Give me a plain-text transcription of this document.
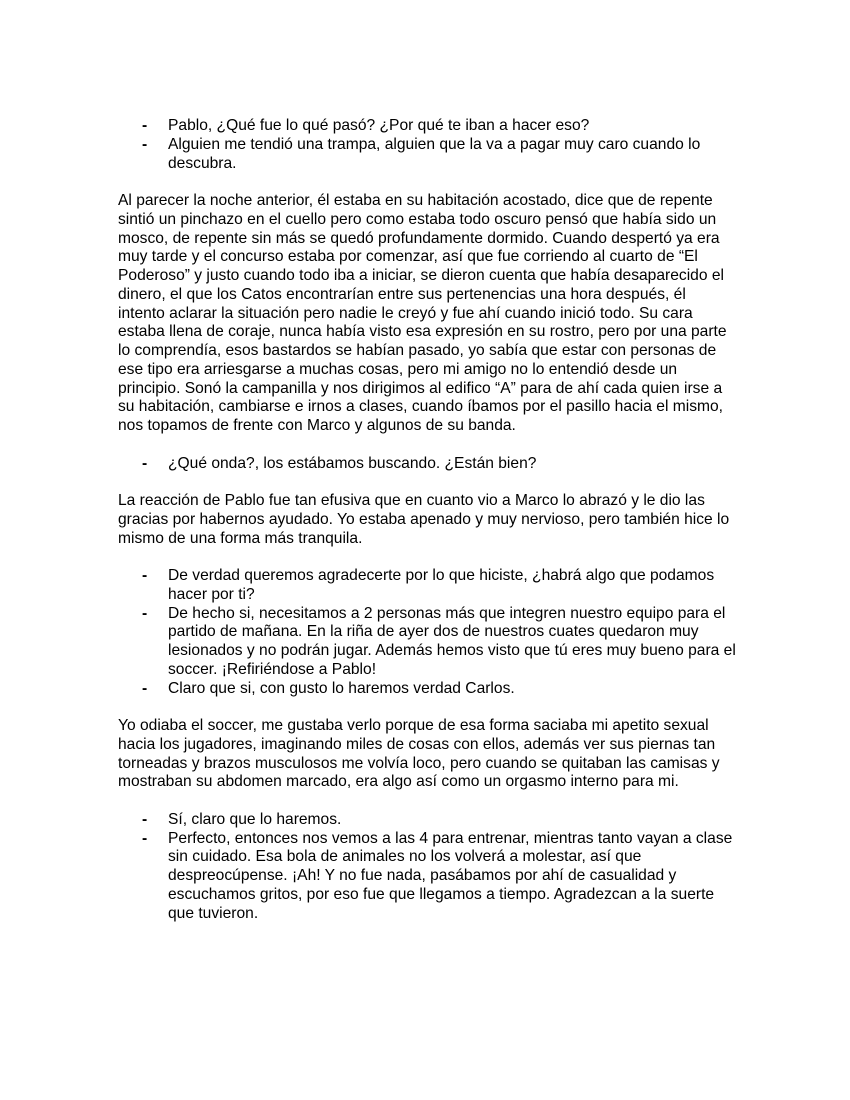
- Pablo, ¿Qué fue lo qué pasó? ¿Por qué te iban a hacer eso?
- Alguien me tendió una trampa, alguien que la va a pagar muy caro cuando lo descubra.

Al parecer la noche anterior, él estaba en su habitación acostado, dice que de repente sintió un pinchazo en el cuello pero como estaba todo oscuro pensó que había sido un mosco, de repente sin más se quedó profundamente dormido. Cuando despertó ya era muy tarde y el concurso estaba por comenzar, así que fue corriendo al cuarto de “El Poderoso” y justo cuando todo iba a iniciar, se dieron cuenta que había desaparecido el dinero, el que los Catos encontrarían entre sus pertenencias una hora después, él intento aclarar la situación pero nadie le creyó y fue ahí cuando inició todo. Su cara estaba llena de coraje, nunca había visto esa expresión en su rostro, pero por una parte lo comprendía, esos bastardos se habían pasado, yo sabía que estar con personas de ese tipo era arriesgarse a muchas cosas, pero mi amigo no lo entendió desde un principio. Sonó la campanilla y nos dirigimos al edifico “A” para de ahí cada quien irse a su habitación, cambiarse e irnos a clases, cuando íbamos por el pasillo hacia el mismo, nos topamos de frente con Marco y algunos de su banda.

- ¿Qué onda?, los estábamos buscando. ¿Están bien?

La reacción de Pablo fue tan efusiva que en cuanto vio a Marco lo abrazó y le dio las gracias por habernos ayudado. Yo estaba apenado y muy nervioso, pero también hice lo mismo de una forma más tranquila.

- De verdad queremos agradecerte por lo que hiciste, ¿habrá algo que podamos hacer por ti?
- De hecho si, necesitamos a 2 personas más que integren nuestro equipo para el partido de mañana. En la riña de ayer dos de nuestros cuates quedaron muy lesionados y no podrán jugar. Además hemos visto que tú eres muy bueno para el soccer. ¡Refiriéndose a Pablo!
- Claro que si, con gusto lo haremos verdad Carlos.

Yo odiaba el soccer, me gustaba verlo porque de esa forma saciaba mi apetito sexual hacia los jugadores, imaginando miles de cosas con ellos, además ver sus piernas tan torneadas y brazos musculosos me volvía loco, pero cuando se quitaban las camisas y mostraban su abdomen marcado, era algo así como un orgasmo interno para mi.

- Sí, claro que lo haremos.
- Perfecto, entonces nos vemos a las 4 para entrenar, mientras tanto vayan a clase sin cuidado. Esa bola de animales no los volverá a molestar, así que despreocúpense. ¡Ah! Y no fue nada, pasábamos por ahí de casualidad y escuchamos gritos, por eso fue que llegamos a tiempo. Agradezcan a la suerte que tuvieron.
